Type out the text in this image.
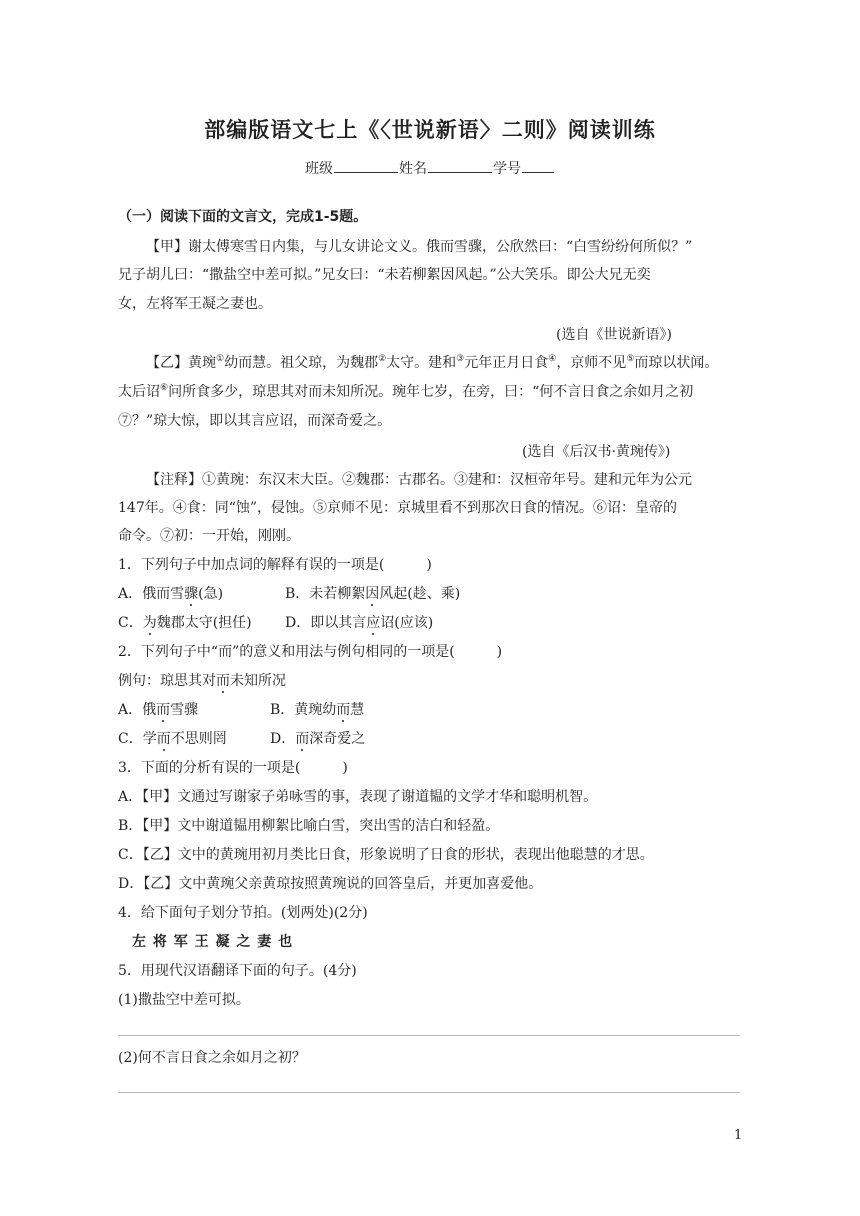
部编版语文七上《〈世说新语〉二则》阅读训练
班级	姓名	学号
（一）阅读下面的文言文，完成1-5题。
【甲】谢太傅寒雪日内集，与儿女讲论文义。俄而雪骤，公欣然曰：“白雪纷纷何所似？”
兄子胡儿曰：“撒盐空中差可拟。”兄女曰：“未若柳絮因风起。”公大笑乐。即公大兄无奕
女，左将军王凝之妻也。
(选自《世说新语》)
【乙】黄琬①幼而慧。祖父琼，为魏郡②太守。建和③元年正月日食④，京师不见⑤而琼以状闻。
太后诏⑥问所食多少，琼思其对而未知所况。琬年七岁，在旁，曰：“何不言日食之余如月之初
⑦？”琼大惊，即以其言应诏，而深奇爱之。
(选自《后汉书·黄琬传》)
【注释】①黄琬：东汉末大臣。②魏郡：古郡名。③建和：汉桓帝年号。建和元年为公元
147年。④食：同“蚀”，侵蚀。⑤京师不见：京城里看不到那次日食的情况。⑥诏：皇帝的
命令。⑦初：一开始，刚刚。
1．下列句子中加点词的解释有误的一项是(　　　)
A．俄而雪骤(急)	B．未若柳絮因风起(趁、乘)
C．为魏郡太守(担任) D．即以其言应诏(应该)
2．下列句子中“而”的意义和用法与例句相同的一项是(　　　)
例句：琼思其对而未知所况
A．俄而雪骤	B．黄琬幼而慧
C．学而不思则罔	D．而深奇爱之
3．下面的分析有误的一项是(　　　)
A．【甲】文通过写谢家子弟咏雪的事，表现了谢道韫的文学才华和聪明机智。
B．【甲】文中谢道韫用柳絮比喻白雪，突出雪的洁白和轻盈。
C．【乙】文中的黄琬用初月类比日食，形象说明了日食的形状，表现出他聪慧的才思。
D．【乙】文中黄琬父亲黄琼按照黄琬说的回答皇后，并更加喜爱他。
4．给下面句子划分节拍。(划两处)(2分)
左 将 军 王 凝 之 妻 也
5．用现代汉语翻译下面的句子。(4分)
(1)撒盐空中差可拟。
(2)何不言日食之余如月之初？
1
